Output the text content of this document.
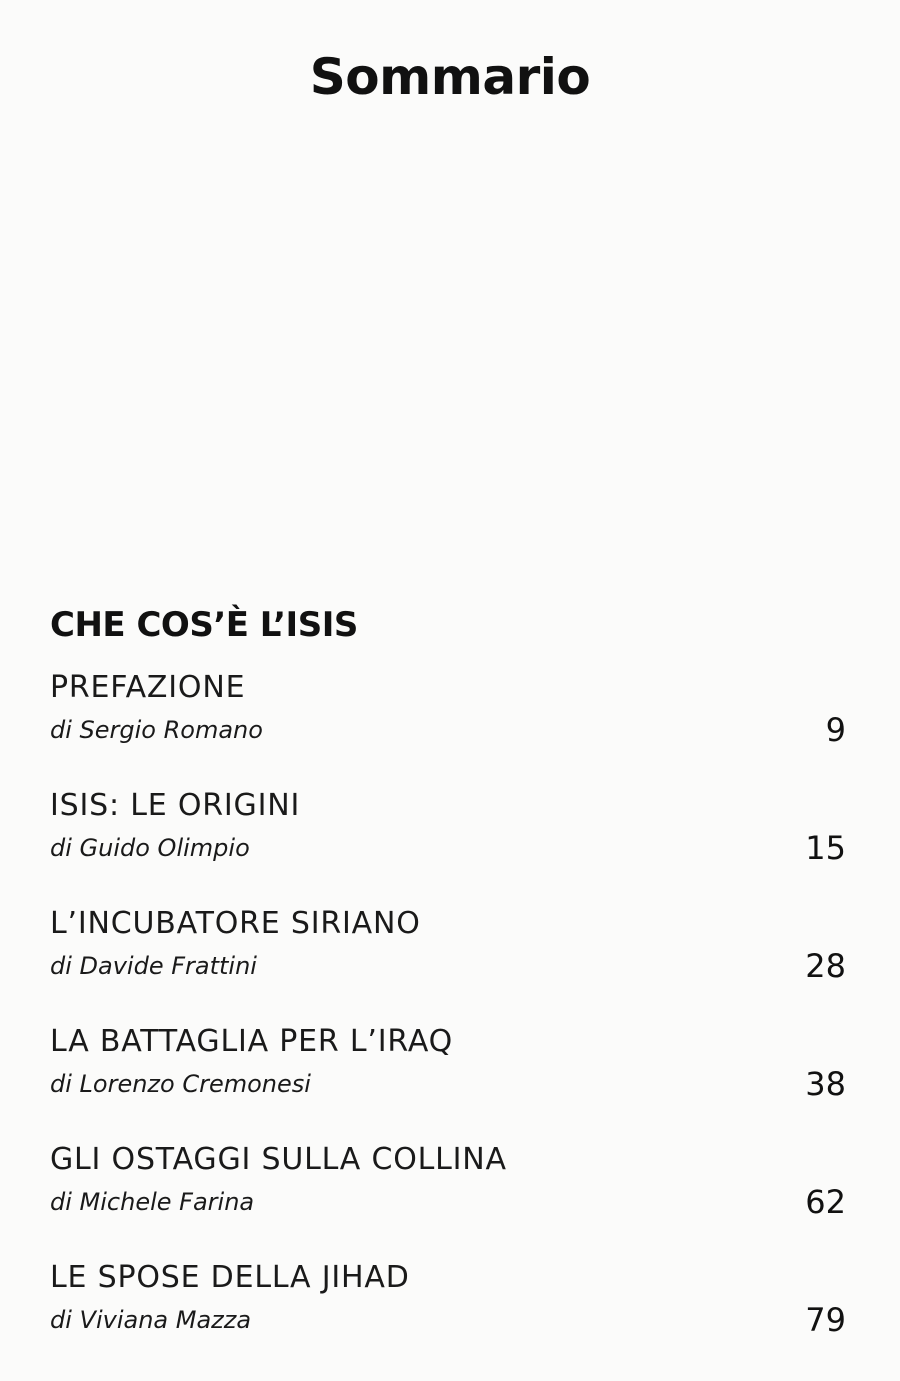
Sommario
CHE COS’È L’ISIS
PREFAZIONE
di Sergio Romano	9
ISIS: LE ORIGINI
di Guido Olimpio	15
L’INCUBATORE SIRIANO
di Davide Frattini	28
LA BATTAGLIA PER L’IRAQ
di Lorenzo Cremonesi	38
GLI OSTAGGI SULLA COLLINA
di Michele Farina	62
LE SPOSE DELLA JIHAD
di Viviana Mazza	79
